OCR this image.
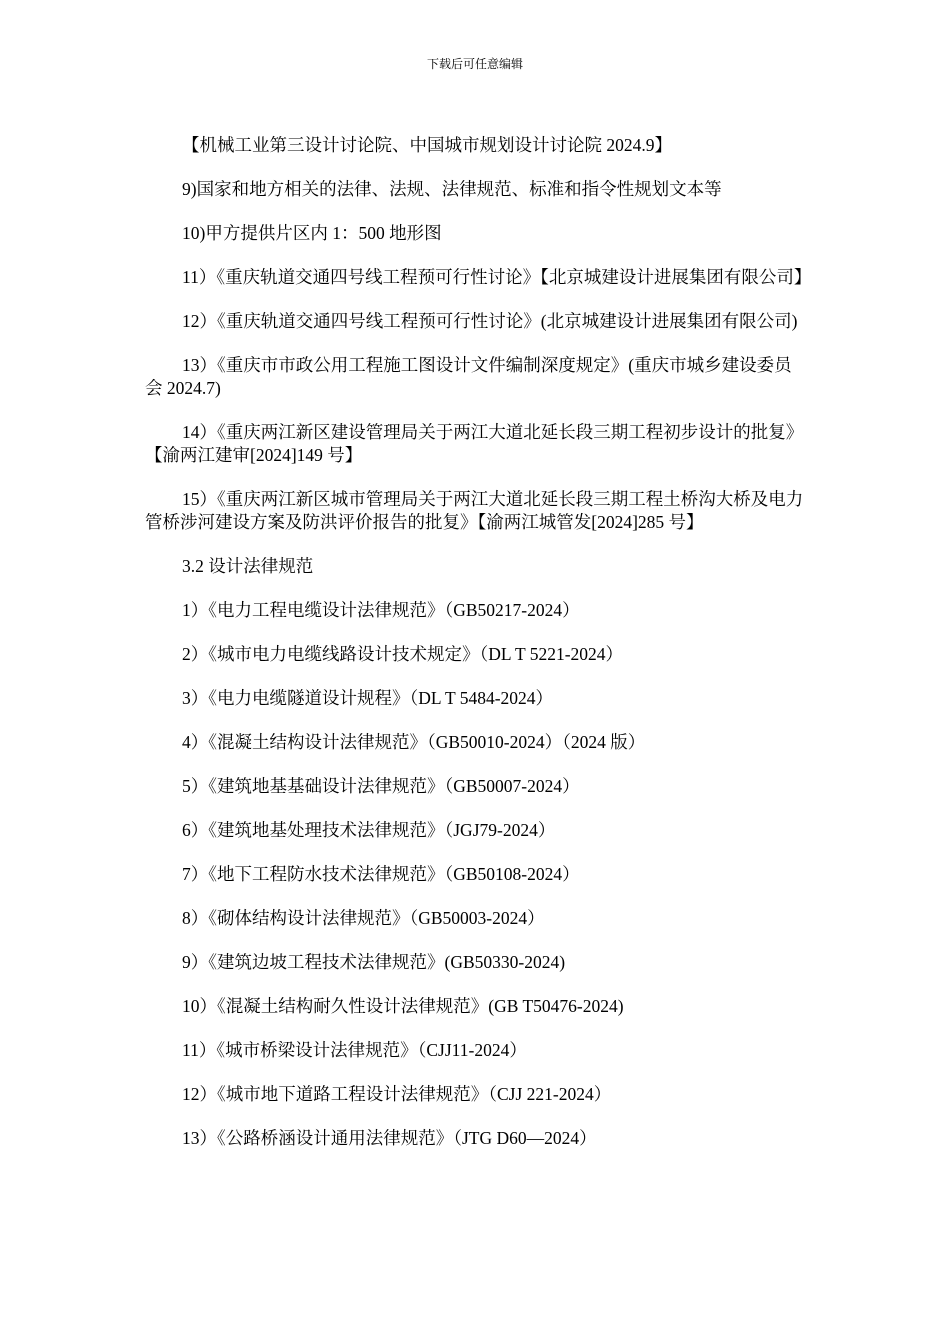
下载后可任意编辑

【机械工业第三设计讨论院、中国城市规划设计讨论院 2024.9】

9)国家和地方相关的法律、法规、法律规范、标准和指令性规划文本等

10)甲方提供片区内 1：500 地形图

11）《重庆轨道交通四号线工程预可行性讨论》【北京城建设计进展集团有限公司】

12）《重庆轨道交通四号线工程预可行性讨论》(北京城建设计进展集团有限公司)

13）《重庆市市政公用工程施工图设计文件编制深度规定》(重庆市城乡建设委员会 2024.7)

14）《重庆两江新区建设管理局关于两江大道北延长段三期工程初步设计的批复》【渝两江建审[2024]149 号】

15）《重庆两江新区城市管理局关于两江大道北延长段三期工程土桥沟大桥及电力管桥涉河建设方案及防洪评价报告的批复》【渝两江城管发[2024]285 号】

3.2 设计法律规范

1）《电力工程电缆设计法律规范》（GB50217-2024）

2）《城市电力电缆线路设计技术规定》（DL T 5221-2024）

3）《电力电缆隧道设计规程》（DL T 5484-2024）

4）《混凝土结构设计法律规范》（GB50010-2024）（2024 版）

5）《建筑地基基础设计法律规范》（GB50007-2024）

6）《建筑地基处理技术法律规范》（JGJ79-2024）

7）《地下工程防水技术法律规范》（GB50108-2024）

8）《砌体结构设计法律规范》（GB50003-2024）

9）《建筑边坡工程技术法律规范》(GB50330-2024)

10）《混凝土结构耐久性设计法律规范》(GB T50476-2024)

11）《城市桥梁设计法律规范》（CJJ11-2024）

12）《城市地下道路工程设计法律规范》（CJJ 221-2024）

13）《公路桥涵设计通用法律规范》（JTG D60—2024）
